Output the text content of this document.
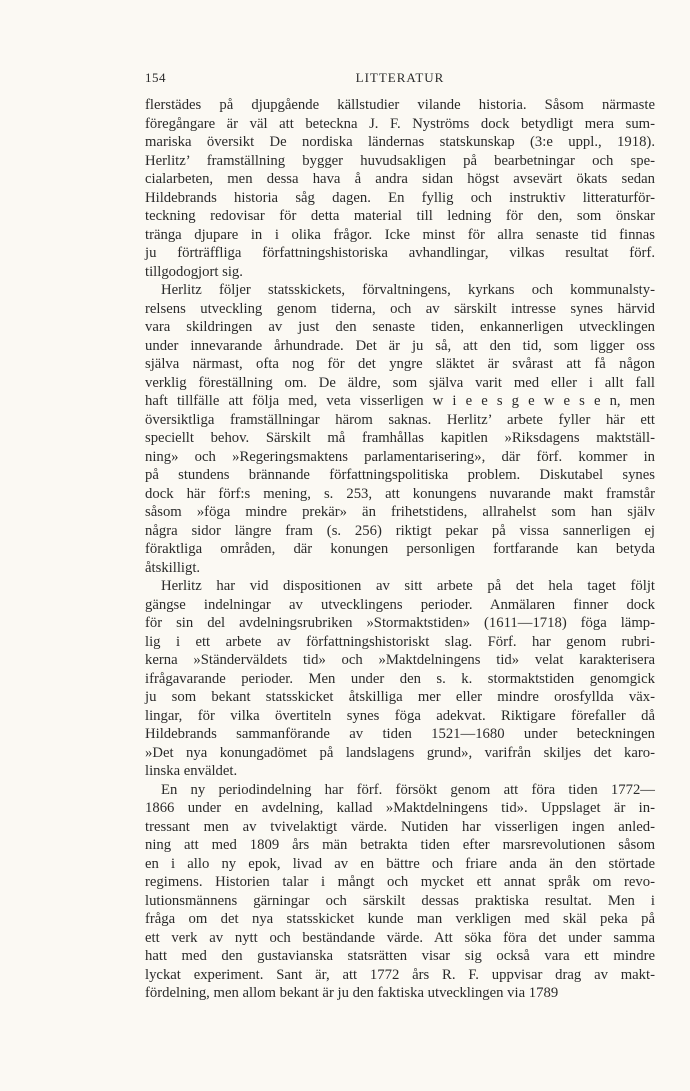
154	LITTERATUR
flerstädes på djupgående källstudier vilande historia. Såsom närmaste
föregångare är väl att beteckna J. F. Nyströms dock betydligt mera sum-
mariska översikt De nordiska ländernas statskunskap (3:e uppl., 1918).
Herlitz’ framställning bygger huvudsakligen på bearbetningar och spe-
cialarbeten, men dessa hava å andra sidan högst avsevärt ökats sedan
Hildebrands historia såg dagen. En fyllig och instruktiv litteraturför-
teckning redovisar för detta material till ledning för den, som önskar
tränga djupare in i olika frågor. Icke minst för allra senaste tid finnas
ju förträffliga författningshistoriska avhandlingar, vilkas resultat förf.
tillgodogjort sig.
Herlitz följer statsskickets, förvaltningens, kyrkans och kommunalsty-
relsens utveckling genom tiderna, och av särskilt intresse synes härvid
vara skildringen av just den senaste tiden, enkannerligen utvecklingen
under innevarande århundrade. Det är ju så, att den tid, som ligger oss
själva närmast, ofta nog för det yngre släktet är svårast att få någon
verklig föreställning om. De äldre, som själva varit med eller i allt fall
haft tillfälle att följa med, veta visserligen w i e e s g e w e s e n, men
översiktliga framställningar härom saknas. Herlitz’ arbete fyller här ett
speciellt behov. Särskilt må framhållas kapitlen »Riksdagens maktställ-
ning» och »Regeringsmaktens parlamentarisering», där förf. kommer in
på stundens brännande författningspolitiska problem. Diskutabel synes
dock här förf:s mening, s. 253, att konungens nuvarande makt framstår
såsom »föga mindre prekär» än frihetstidens, allrahelst som han själv
några sidor längre fram (s. 256) riktigt pekar på vissa sannerligen ej
föraktliga områden, där konungen personligen fortfarande kan betyda
åtskilligt.
Herlitz har vid dispositionen av sitt arbete på det hela taget följt
gängse indelningar av utvecklingens perioder. Anmälaren finner dock
för sin del avdelningsrubriken »Stormaktstiden» (1611—1718) föga lämp-
lig i ett arbete av författningshistoriskt slag. Förf. har genom rubri-
kerna »Ständerväldets tid» och »Maktdelningens tid» velat karakterisera
ifrågavarande perioder. Men under den s. k. stormaktstiden genomgick
ju som bekant statsskicket åtskilliga mer eller mindre orosfyllda väx-
lingar, för vilka övertiteln synes föga adekvat. Riktigare förefaller då
Hildebrands sammanförande av tiden 1521—1680 under beteckningen
»Det nya konungadömet på landslagens grund», varifrån skiljes det karo-
linska enväldet.
En ny periodindelning har förf. försökt genom att föra tiden 1772—
1866 under en avdelning, kallad »Maktdelningens tid». Uppslaget är in-
tressant men av tvivelaktigt värde. Nutiden har visserligen ingen anled-
ning att med 1809 års män betrakta tiden efter marsrevolutionen såsom
en i allo ny epok, livad av en bättre och friare anda än den störtade
regimens. Historien talar i mångt och mycket ett annat språk om revo-
lutionsmännens gärningar och särskilt dessas praktiska resultat. Men i
fråga om det nya statsskicket kunde man verkligen med skäl peka på
ett verk av nytt och beständande värde. Att söka föra det under samma
hatt med den gustavianska statsrätten visar sig också vara ett mindre
lyckat experiment. Sant är, att 1772 års R. F. uppvisar drag av makt-
fördelning, men allom bekant är ju den faktiska utvecklingen via 1789
